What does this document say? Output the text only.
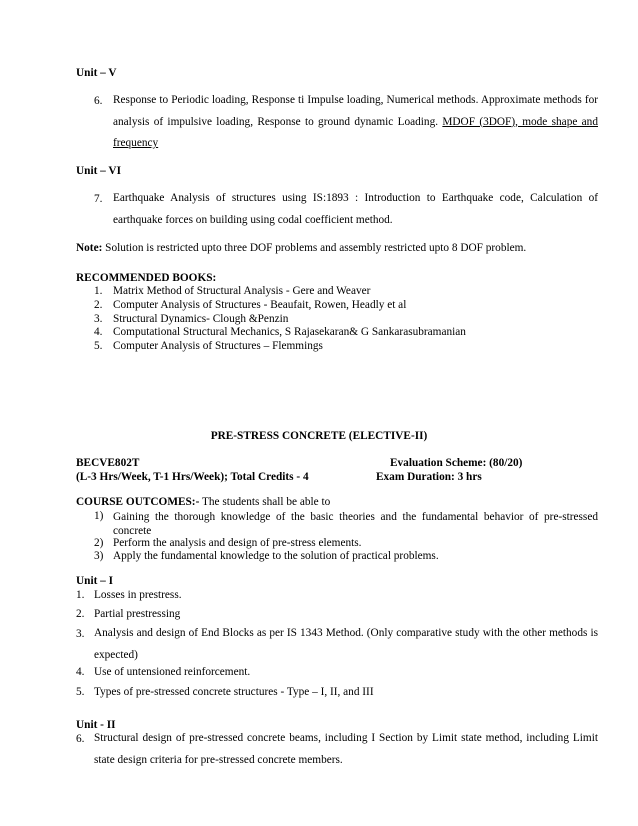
Unit – V
6. Response to Periodic loading, Response ti Impulse loading, Numerical methods. Approximate methods for analysis of impulsive loading, Response to ground dynamic Loading. MDOF (3DOF), mode shape and frequency
Unit – VI
7. Earthquake Analysis of structures using IS:1893 : Introduction to Earthquake code, Calculation of earthquake forces on building using codal coefficient method.
Note: Solution is restricted upto three DOF problems and assembly restricted upto 8 DOF problem.
RECOMMENDED BOOKS:
1. Matrix Method of Structural Analysis - Gere and Weaver
2. Computer Analysis of Structures - Beaufait, Rowen, Headly et al
3. Structural Dynamics- Clough &Penzin
4. Computational Structural Mechanics, S Rajasekaran& G Sankarasubramanian
5. Computer Analysis of Structures – Flemmings
PRE-STRESS CONCRETE (ELECTIVE-II)
BECVE802T	Evaluation Scheme: (80/20)
(L-3 Hrs/Week, T-1 Hrs/Week); Total Credits - 4	Exam Duration: 3 hrs
COURSE OUTCOMES:- The students shall be able to
1) Gaining the thorough knowledge of the basic theories and the fundamental behavior of pre-stressed concrete
2) Perform the analysis and design of pre-stress elements.
3) Apply the fundamental knowledge to the solution of practical problems.
Unit – I
1. Losses in prestress.
2. Partial prestressing
3. Analysis and design of End Blocks as per IS 1343 Method. (Only comparative study with the other methods is expected)
4. Use of untensioned reinforcement.
5. Types of pre-stressed concrete structures - Type – I, II, and III
Unit - II
6. Structural design of pre-stressed concrete beams, including I Section by Limit state method, including Limit state design criteria for pre-stressed concrete members.
